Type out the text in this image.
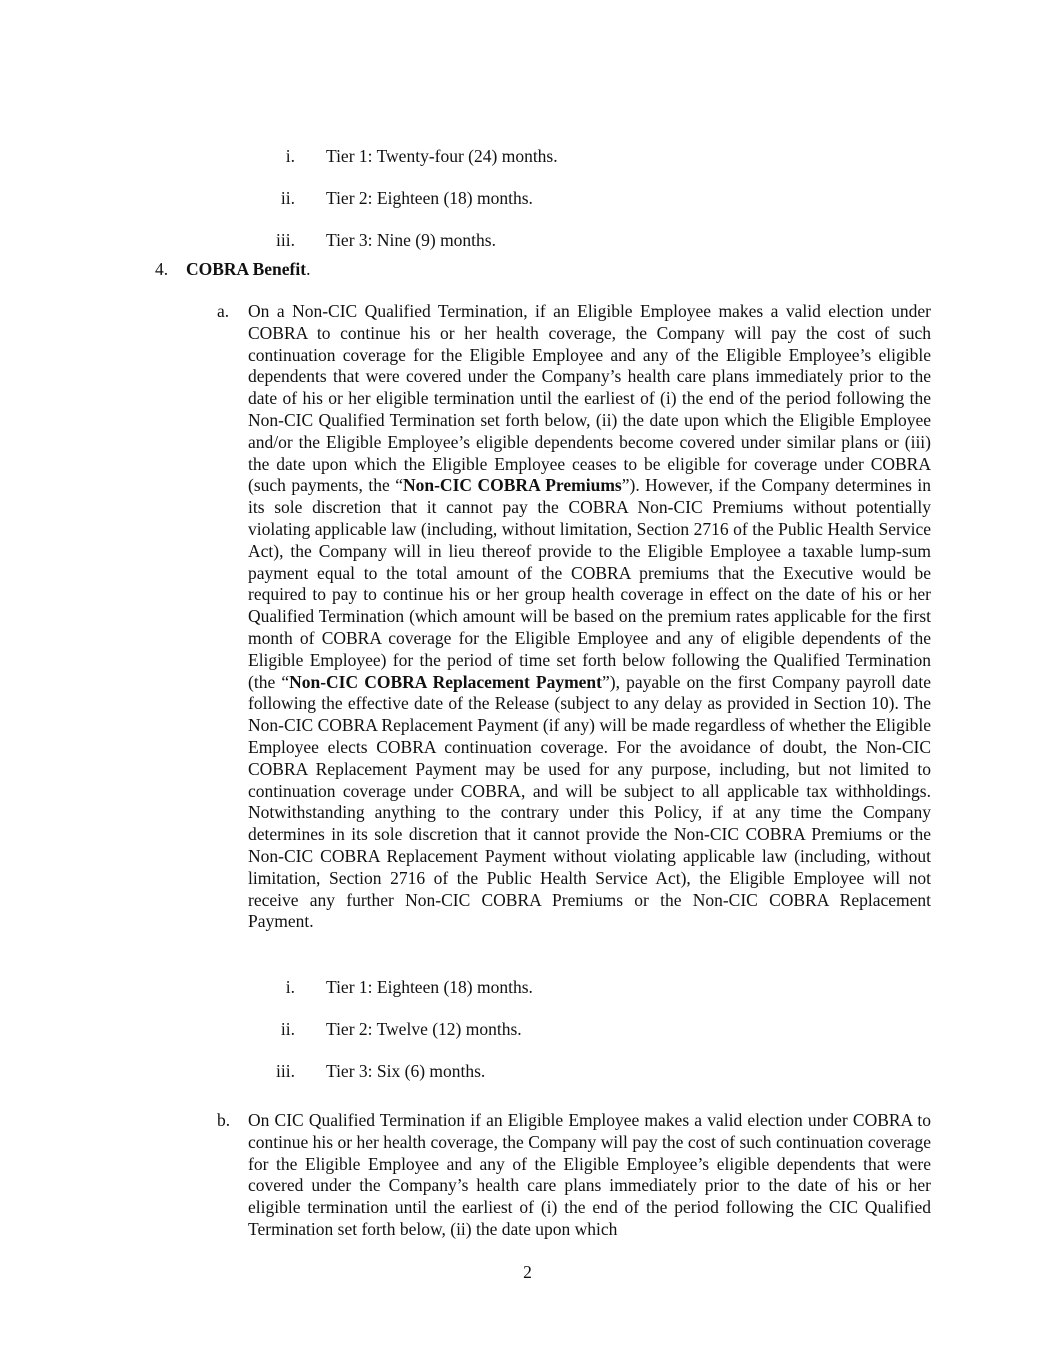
i. Tier 1: Twenty-four (24) months.
ii. Tier 2: Eighteen (18) months.
iii. Tier 3: Nine (9) months.
4. COBRA Benefit.
a. On a Non-CIC Qualified Termination, if an Eligible Employee makes a valid election under COBRA to continue his or her health coverage, the Company will pay the cost of such continuation coverage for the Eligible Employee and any of the Eligible Employee’s eligible dependents that were covered under the Company’s health care plans immediately prior to the date of his or her eligible termination until the earliest of (i) the end of the period following the Non-CIC Qualified Termination set forth below, (ii) the date upon which the Eligible Employee and/or the Eligible Employee’s eligible dependents become covered under similar plans or (iii) the date upon which the Eligible Employee ceases to be eligible for coverage under COBRA (such payments, the “Non-CIC COBRA Premiums”). However, if the Company determines in its sole discretion that it cannot pay the COBRA Non-CIC Premiums without potentially violating applicable law (including, without limitation, Section 2716 of the Public Health Service Act), the Company will in lieu thereof provide to the Eligible Employee a taxable lump-sum payment equal to the total amount of the COBRA premiums that the Executive would be required to pay to continue his or her group health coverage in effect on the date of his or her Qualified Termination (which amount will be based on the premium rates applicable for the first month of COBRA coverage for the Eligible Employee and any of eligible dependents of the Eligible Employee) for the period of time set forth below following the Qualified Termination (the “Non-CIC COBRA Replacement Payment”), payable on the first Company payroll date following the effective date of the Release (subject to any delay as provided in Section 10). The Non-CIC COBRA Replacement Payment (if any) will be made regardless of whether the Eligible Employee elects COBRA continuation coverage. For the avoidance of doubt, the Non-CIC COBRA Replacement Payment may be used for any purpose, including, but not limited to continuation coverage under COBRA, and will be subject to all applicable tax withholdings. Notwithstanding anything to the contrary under this Policy, if at any time the Company determines in its sole discretion that it cannot provide the Non-CIC COBRA Premiums or the Non-CIC COBRA Replacement Payment without violating applicable law (including, without limitation, Section 2716 of the Public Health Service Act), the Eligible Employee will not receive any further Non-CIC COBRA Premiums or the Non-CIC COBRA Replacement Payment.
i. Tier 1: Eighteen (18) months.
ii. Tier 2: Twelve (12) months.
iii. Tier 3: Six (6) months.
b. On CIC Qualified Termination if an Eligible Employee makes a valid election under COBRA to continue his or her health coverage, the Company will pay the cost of such continuation coverage for the Eligible Employee and any of the Eligible Employee’s eligible dependents that were covered under the Company’s health care plans immediately prior to the date of his or her eligible termination until the earliest of (i) the end of the period following the CIC Qualified Termination set forth below, (ii) the date upon which
2
